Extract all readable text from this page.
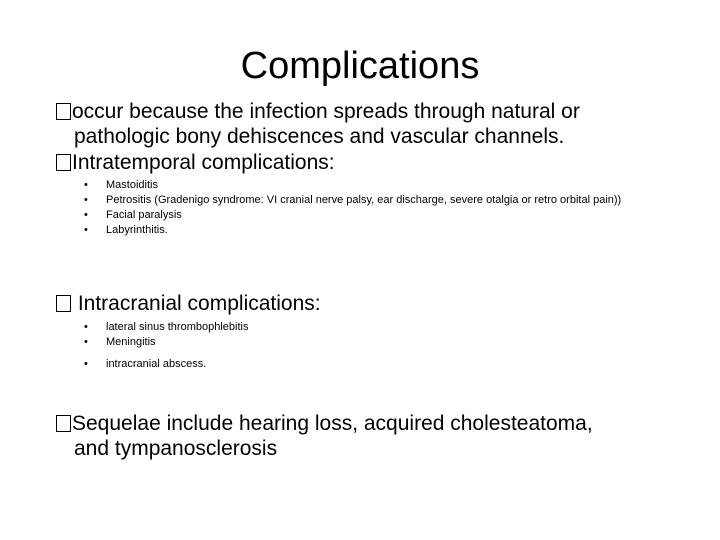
Complications
occur because the infection spreads through natural or
pathologic bony dehiscences and vascular channels.
Intratemporal complications:
• Mastoiditis
• Petrositis (Gradenigo syndrome: VI cranial nerve palsy, ear discharge, severe otalgia or retro orbital pain))
• Facial paralysis
• Labyrinthitis.
Intracranial complications:
• lateral sinus thrombophlebitis
• Meningitis
• intracranial abscess.
Sequelae include hearing loss, acquired cholesteatoma,
and tympanosclerosis
